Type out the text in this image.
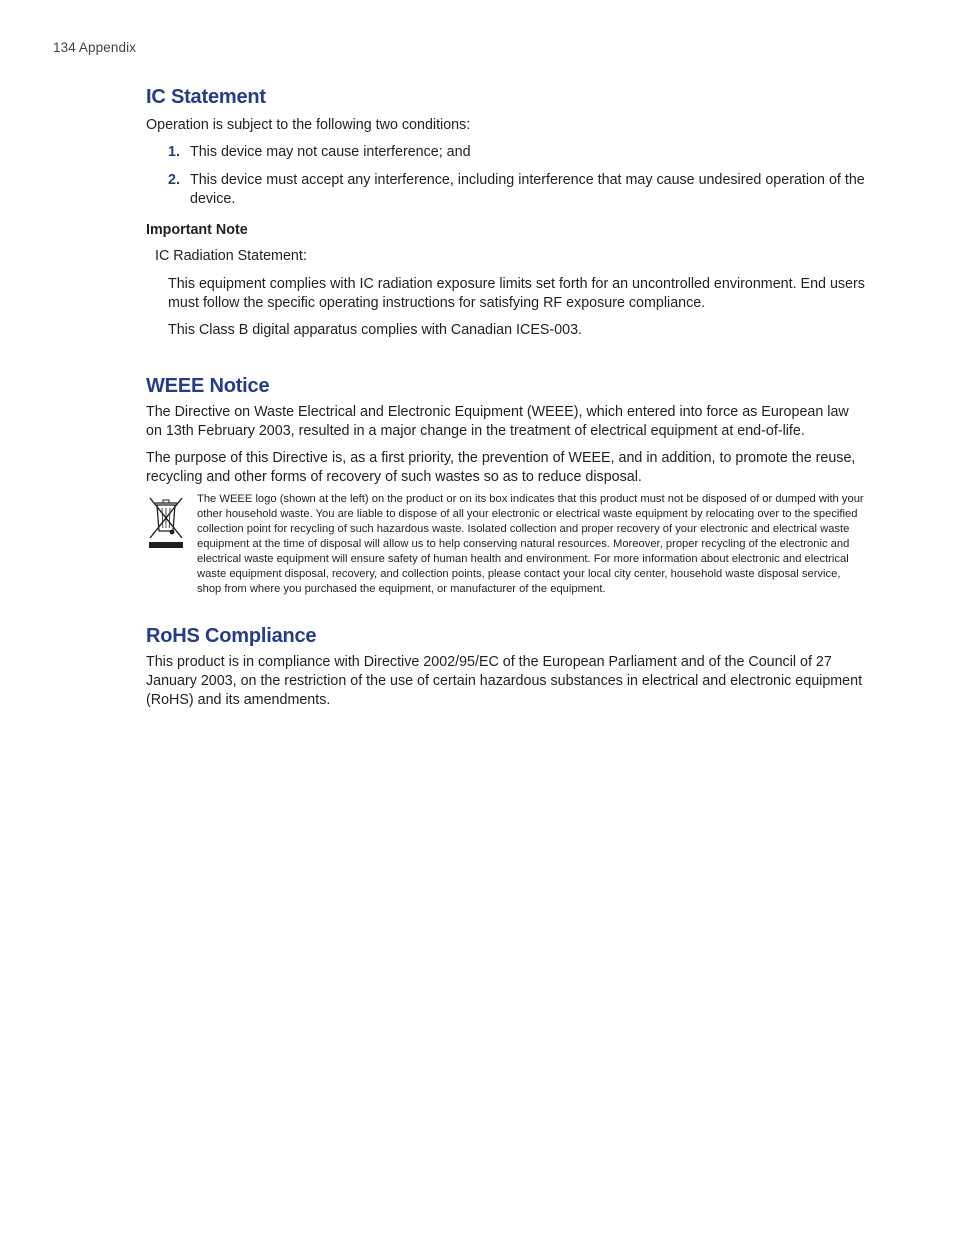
134 Appendix
IC Statement

Operation is subject to the following two conditions:

1. This device may not cause interference; and
2. This device must accept any interference, including interference that may cause undesired operation of the device.

Important Note

IC Radiation Statement:

This equipment complies with IC radiation exposure limits set forth for an uncontrolled environment. End users must follow the specific operating instructions for satisfying RF exposure compliance.

This Class B digital apparatus complies with Canadian ICES-003.

WEEE Notice

The Directive on Waste Electrical and Electronic Equipment (WEEE), which entered into force as European law on 13th February 2003, resulted in a major change in the treatment of electrical equipment at end-of-life.

The purpose of this Directive is, as a first priority, the prevention of WEEE, and in addition, to promote the reuse, recycling and other forms of recovery of such wastes so as to reduce disposal.

The WEEE logo (shown at the left) on the product or on its box indicates that this product must not be disposed of or dumped with your other household waste. You are liable to dispose of all your electronic or electrical waste equipment by relocating over to the specified collection point for recycling of such hazardous waste. Isolated collection and proper recovery of your electronic and electrical waste equipment at the time of disposal will allow us to help conserving natural resources. Moreover, proper recycling of the electronic and electrical waste equipment will ensure safety of human health and environment. For more information about electronic and electrical waste equipment disposal, recovery, and collection points, please contact your local city center, household waste disposal service, shop from where you purchased the equipment, or manufacturer of the equipment.

RoHS Compliance

This product is in compliance with Directive 2002/95/EC of the European Parliament and of the Council of 27 January 2003, on the restriction of the use of certain hazardous substances in electrical and electronic equipment (RoHS) and its amendments.
